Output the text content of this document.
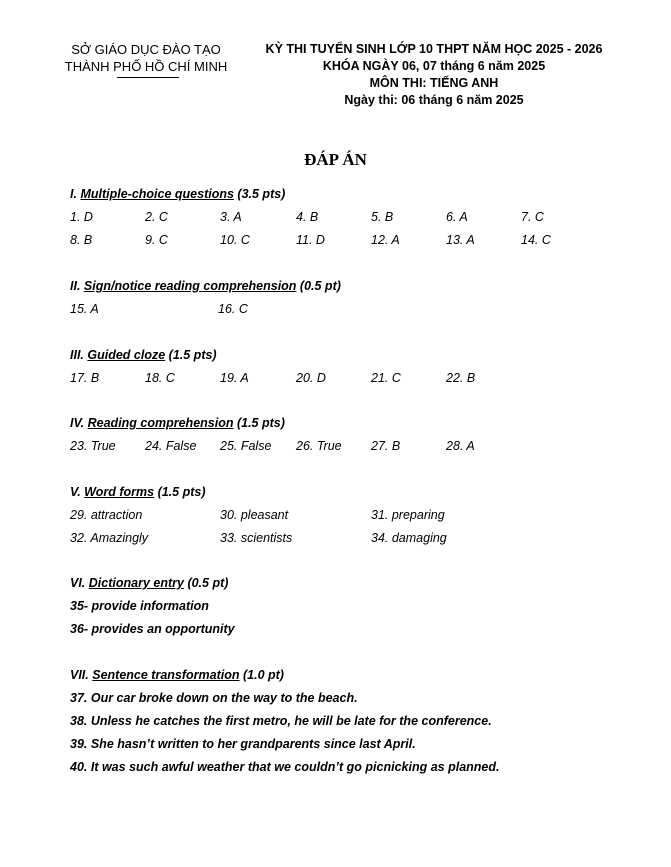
SỞ GIÁO DỤC ĐÀO TẠO
THÀNH PHỐ HỒ CHÍ MINH
KỲ THI TUYỂN SINH LỚP 10 THPT NĂM HỌC 2025 - 2026
KHÓA NGÀY 06, 07 tháng 6 năm 2025
MÔN THI: TIẾNG ANH
Ngày thi: 06 tháng 6 năm 2025
ĐÁP ÁN
I. Multiple-choice questions (3.5 pts)
1. D	2. C	3. A	4. B	5. B	6. A	7. C
8. B	9. C	10. C	11. D	12. A	13. A	14. C
II. Sign/notice reading comprehension (0.5 pt)
15. A	16. C
III. Guided cloze (1.5 pts)
17. B	18. C	19. A	20. D	21. C	22. B
IV. Reading comprehension (1.5 pts)
23. True 24. False 25. False 26. True 27. B	28. A
V. Word forms (1.5 pts)
29. attraction	30. pleasant	31. preparing
32. Amazingly	33. scientists	34. damaging
VI. Dictionary entry (0.5 pt)
35- provide information
36- provides an opportunity
VII. Sentence transformation (1.0 pt)
37. Our car broke down on the way to the beach.
38. Unless he catches the first metro, he will be late for the conference.
39. She hasn’t written to her grandparents since last April.
40. It was such awful weather that we couldn’t go picnicking as planned.
